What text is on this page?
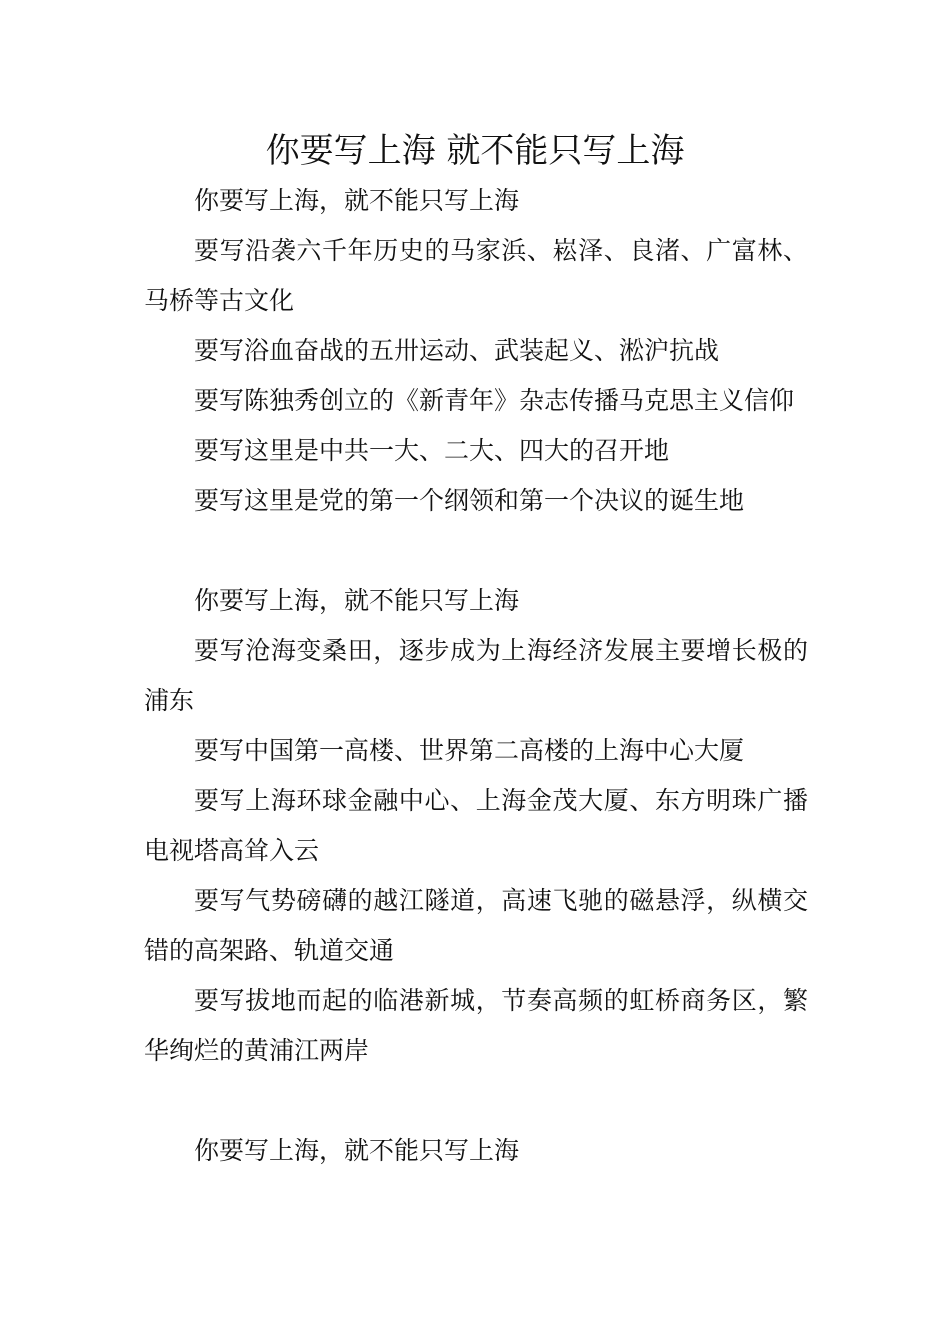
你要写上海 就不能只写上海

你要写上海，就不能只写上海

要写沿袭六千年历史的马家浜、崧泽、良渚、广富林、马桥等古文化

要写浴血奋战的五卅运动、武装起义、淞沪抗战

要写陈独秀创立的《新青年》杂志传播马克思主义信仰

要写这里是中共一大、二大、四大的召开地

要写这里是党的第一个纲领和第一个决议的诞生地

你要写上海，就不能只写上海

要写沧海变桑田，逐步成为上海经济发展主要增长极的浦东

要写中国第一高楼、世界第二高楼的上海中心大厦

要写上海环球金融中心、上海金茂大厦、东方明珠广播电视塔高耸入云

要写气势磅礴的越江隧道，高速飞驰的磁悬浮，纵横交错的高架路、轨道交通

要写拔地而起的临港新城，节奏高频的虹桥商务区，繁华绚烂的黄浦江两岸

你要写上海，就不能只写上海
